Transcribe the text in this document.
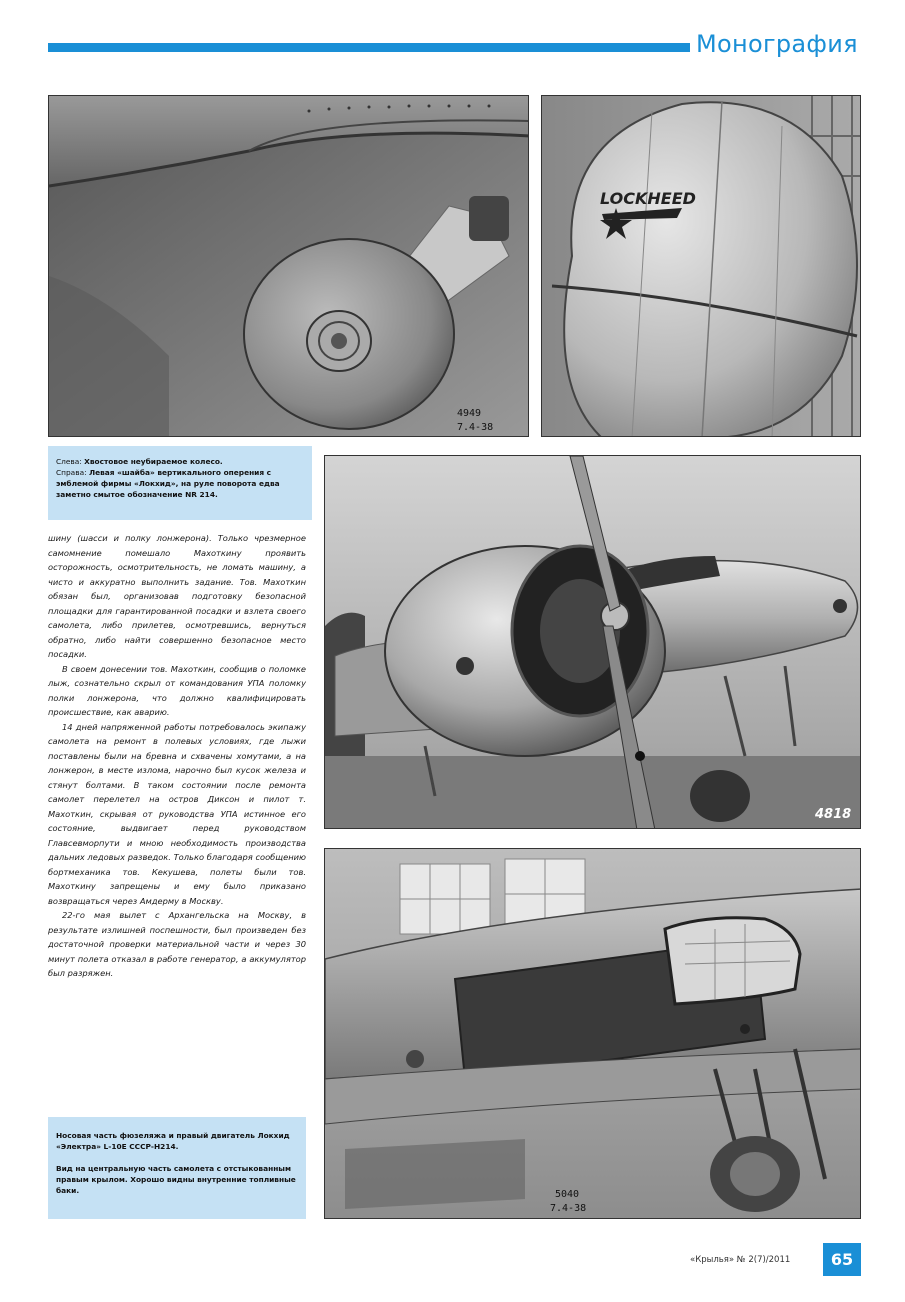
Монография
4949
7.4-38
LOCKHEED

Слева: Хвостовое неубираемое колесо.

Справа: Левая «шайба» вертикального оперения с эмблемой фирмы «Локхид», на руле поворота едва заметно смытое обозначение NR 214.

4818

шину (шасси и полку лонжерона). Только чрезмерное самомнение помешало Махоткину проявить осторожность, осмотрительность, не ломать машину, а чисто и аккуратно выполнить задание. Тов. Махоткин обязан был, организовав подготовку безопасной площадки для гарантированной посадки и взлета своего самолета, либо прилетев, осмотревшись, вернуться обратно, либо найти совершенно безопасное место посадки.

В своем донесении тов. Махоткин, сообщив о поломке лыж, сознательно скрыл от командования УПА поломку полки лонжерона, что должно квалифицировать происшествие, как аварию.

14 дней напряженной работы потребовалось экипажу самолета на ремонт в полевых условиях, где лыжи поставлены были на бревна и схвачены хомутами, а на лонжерон, в месте излома, нарочно был кусок железа и стянут болтами. В таком состоянии после ремонта самолет перелетел на остров Диксон и пилот т. Махоткин, скрывая от руководства УПА истинное его состояние, выдвигает перед руководством Главсевморпути и мною необходимость производства дальних ледовых разведок. Только благодаря сообщению бортмеханика тов. Кекушева, полеты были тов. Махоткину запрещены и ему было приказано возвращаться через Амдерму в Москву.

22-го мая вылет с Архангельска на Москву, в результате излишней поспешности, был произведен без достаточной проверки материальной части и через 30 минут полета отказал в работе генератор, а аккумулятор был разряжен.

5040
7.4-38

Носовая часть фюзеляжа и правый двигатель Локхид «Электра» L-10E СССР-Н214.

Вид на центральную часть самолета с отстыкованным правым крылом. Хорошо видны внутренние топливные баки.

«Крылья» № 2(7)/2011	65
